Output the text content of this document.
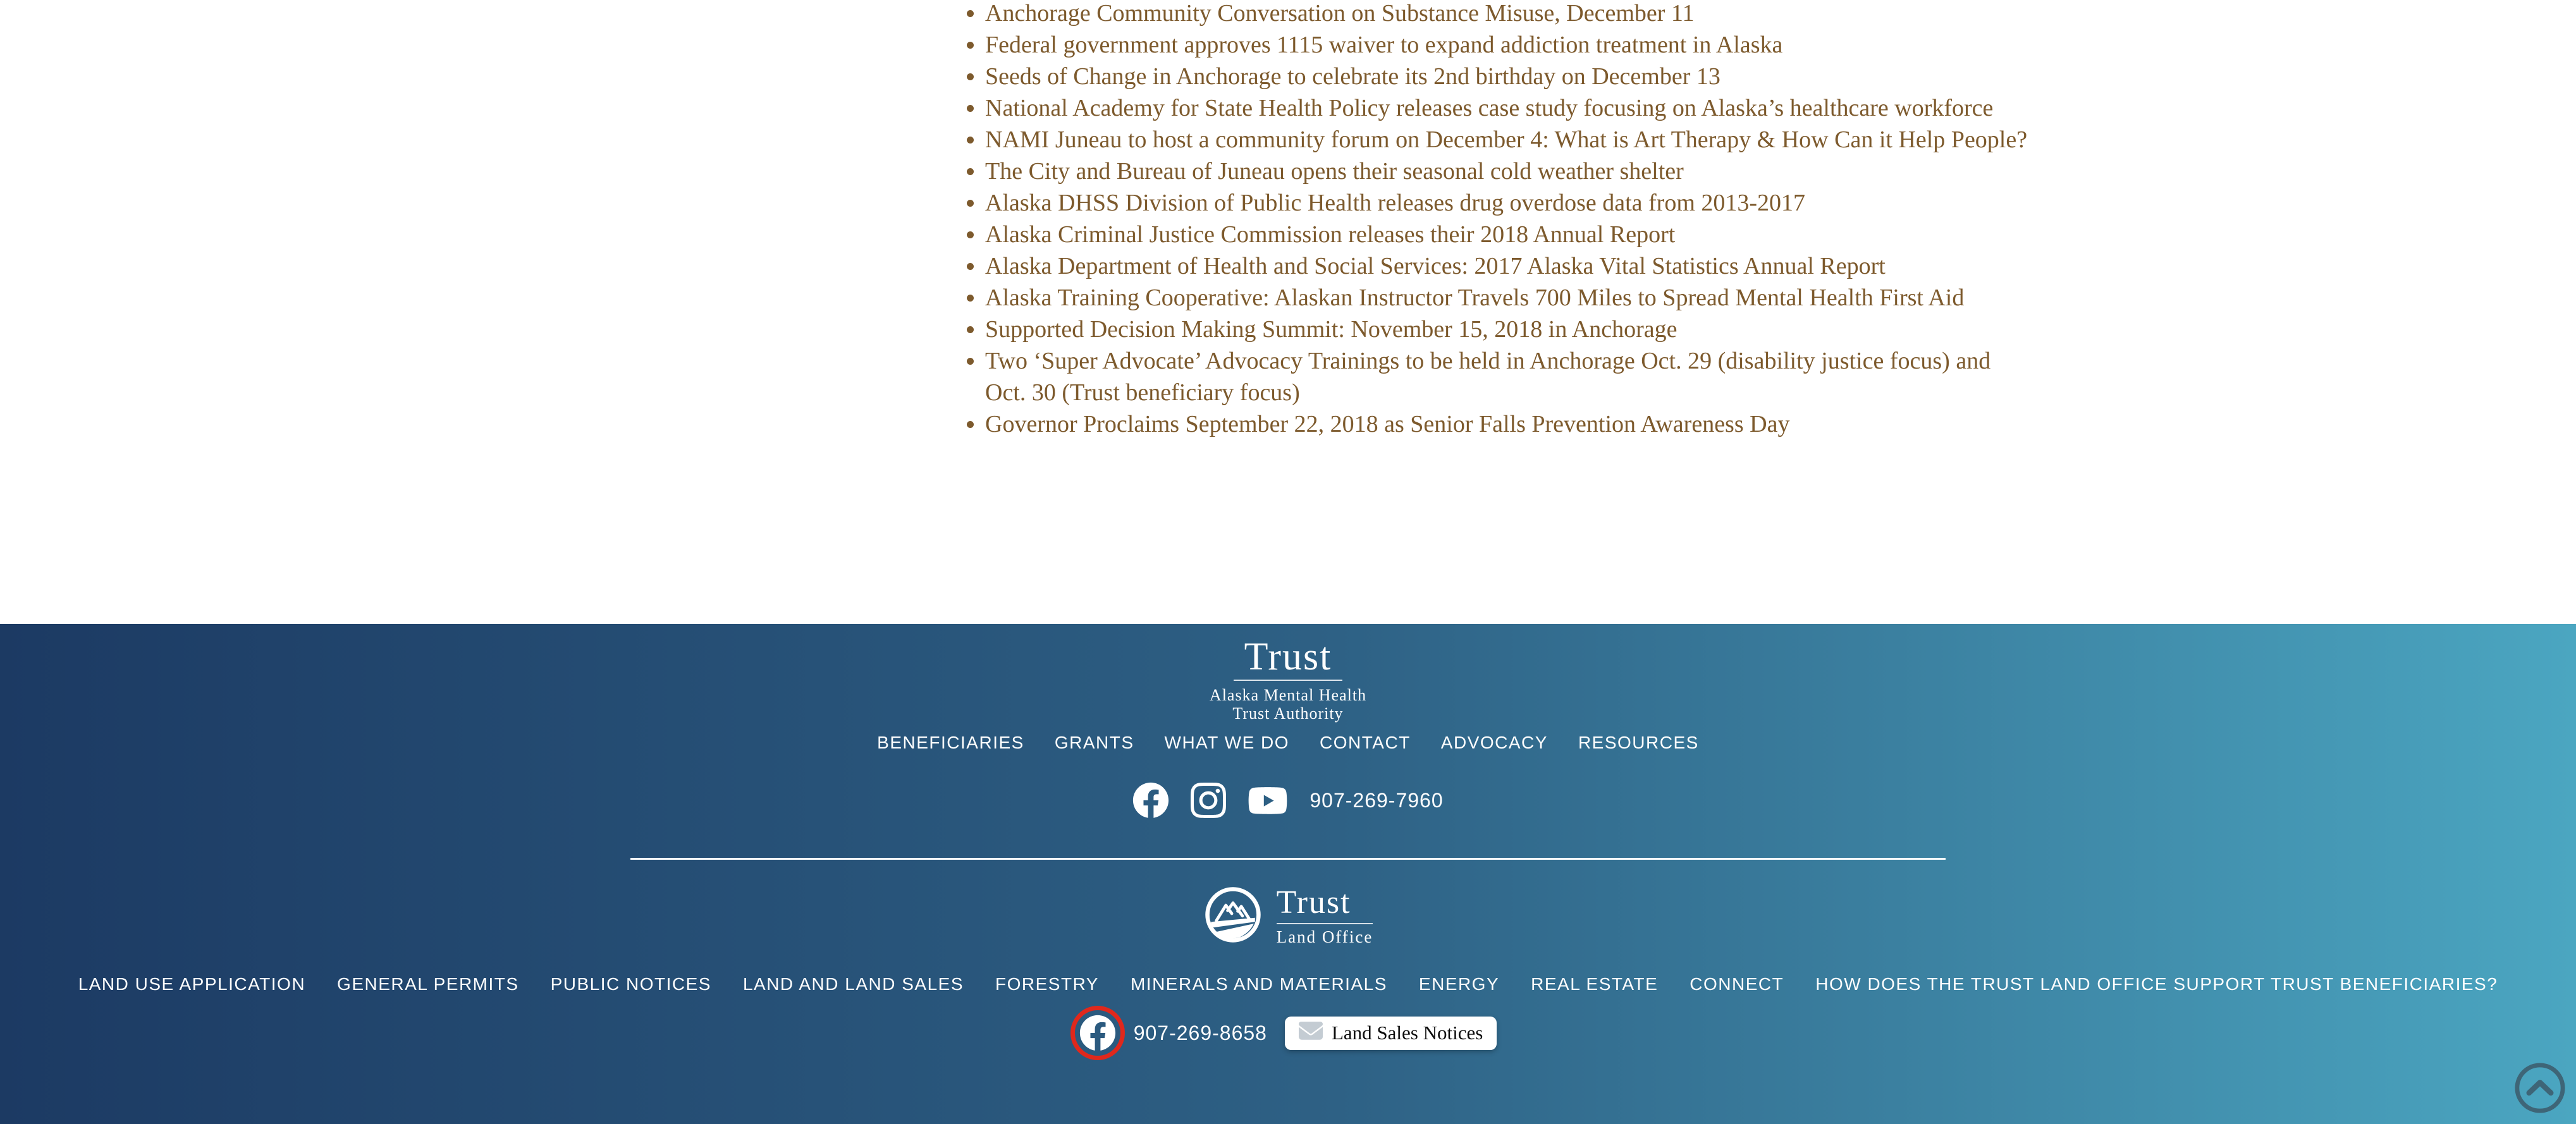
• Anchorage Community Conversation on Substance Misuse, December 11
• Federal government approves 1115 waiver to expand addiction treatment in Alaska
• Seeds of Change in Anchorage to celebrate its 2nd birthday on December 13
• National Academy for State Health Policy releases case study focusing on Alaska’s healthcare workforce
• NAMI Juneau to host a community forum on December 4: What is Art Therapy & How Can it Help People?
• The City and Bureau of Juneau opens their seasonal cold weather shelter
• Alaska DHSS Division of Public Health releases drug overdose data from 2013-2017
• Alaska Criminal Justice Commission releases their 2018 Annual Report
• Alaska Department of Health and Social Services: 2017 Alaska Vital Statistics Annual Report
• Alaska Training Cooperative: Alaskan Instructor Travels 700 Miles to Spread Mental Health First Aid
• Supported Decision Making Summit: November 15, 2018 in Anchorage
• Two ‘Super Advocate’ Advocacy Trainings to be held in Anchorage Oct. 29 (disability justice focus) and Oct. 30 (Trust beneficiary focus)
• Governor Proclaims September 22, 2018 as Senior Falls Prevention Awareness Day
Trust
Alaska Mental Health
Trust Authority
BENEFICIARIES GRANTS WHAT WE DO CONTACT ADVOCACY RESOURCES
907-269-7960
Trust
Land Office
LAND USE APPLICATION GENERAL PERMITS PUBLIC NOTICES LAND AND LAND SALES FORESTRY MINERALS AND MATERIALS ENERGY REAL ESTATE CONNECT HOW DOES THE TRUST LAND OFFICE SUPPORT TRUST BENEFICIARIES?
907-269-8658	Land Sales Notices
